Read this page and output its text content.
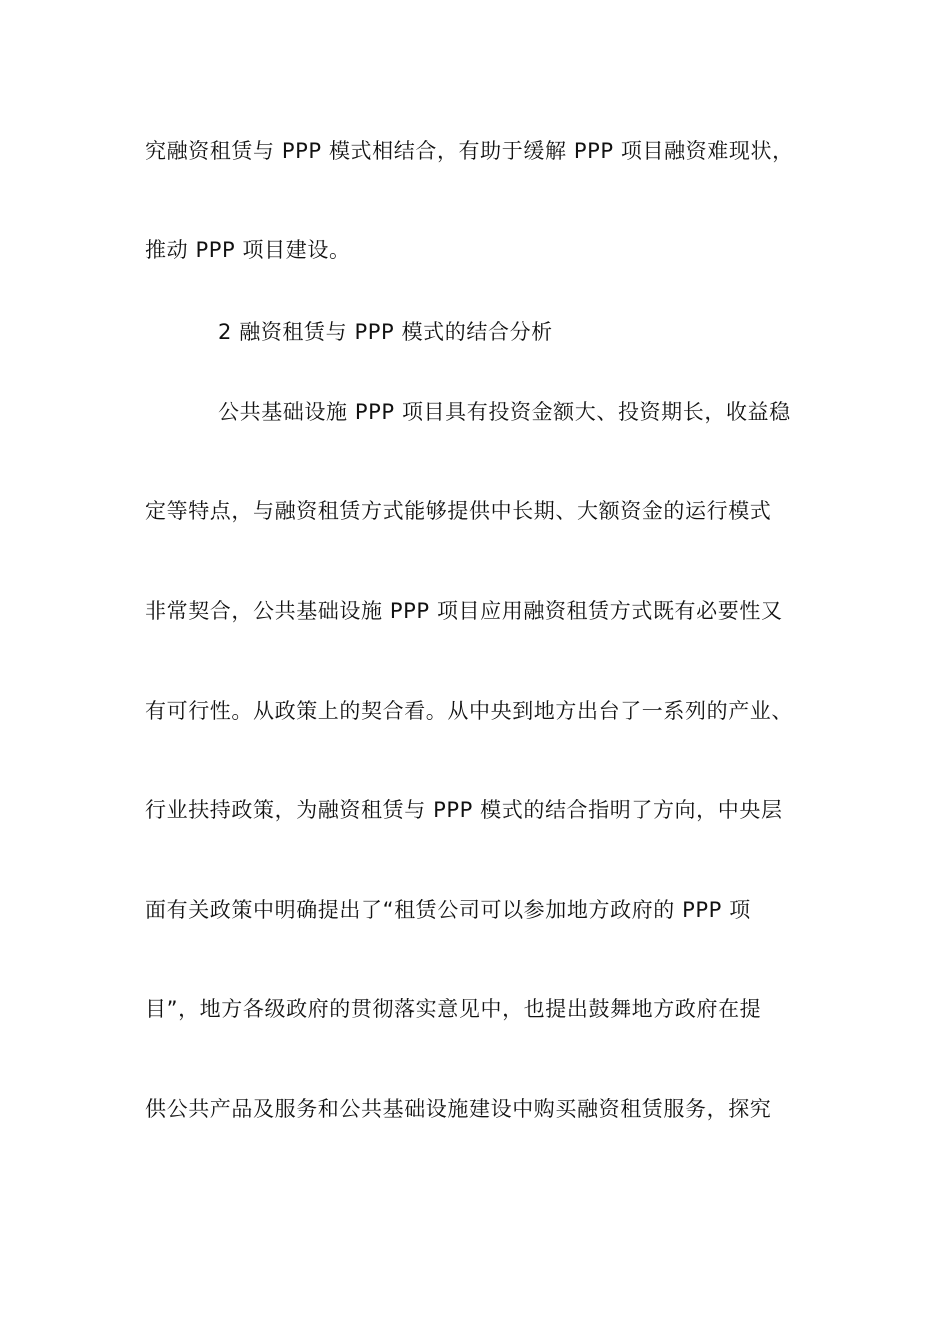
究融资租赁与 PPP 模式相结合，有助于缓解 PPP 项目融资难现状，
推动 PPP 项目建设。
2 融资租赁与 PPP 模式的结合分析
公共基础设施 PPP 项目具有投资金额大、投资期长，收益稳
定等特点，与融资租赁方式能够提供中长期、大额资金的运行模式
非常契合，公共基础设施 PPP 项目应用融资租赁方式既有必要性又
有可行性。从政策上的契合看。从中央到地方出台了一系列的产业、
行业扶持政策，为融资租赁与 PPP 模式的结合指明了方向，中央层
面有关政策中明确提出了“租赁公司可以参加地方政府的 PPP 项
目”，地方各级政府的贯彻落实意见中，也提出鼓舞地方政府在提
供公共产品及服务和公共基础设施建设中购买融资租赁服务，探究
